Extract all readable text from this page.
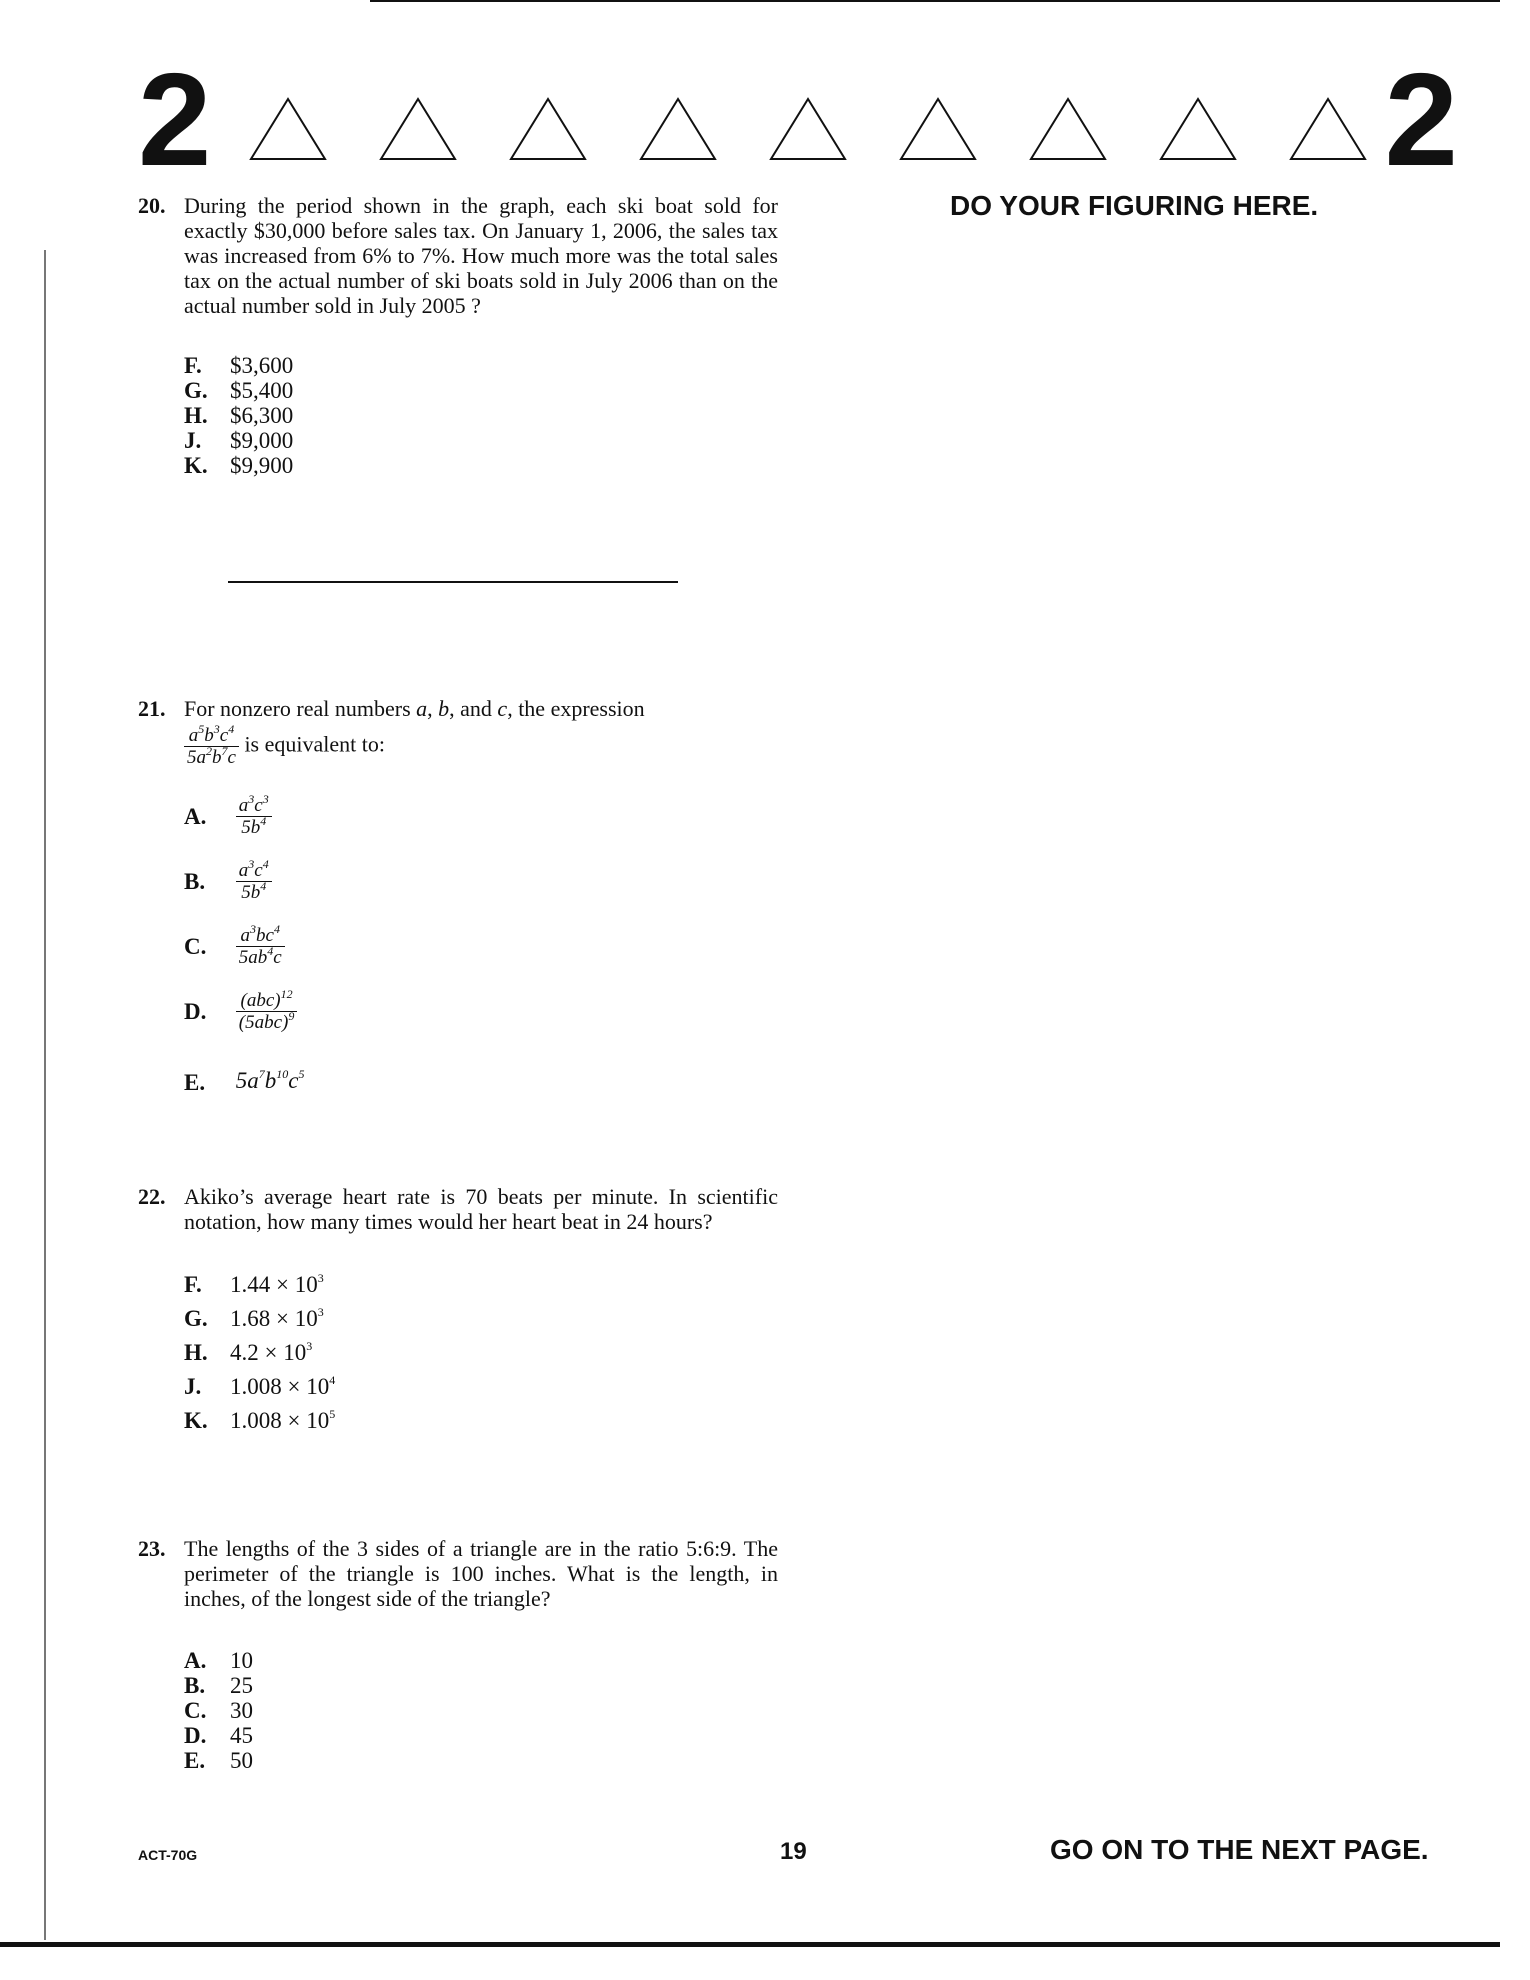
2	2
DO YOUR FIGURING HERE.
20. During the period shown in the graph, each ski boat sold for exactly $30,000 before sales tax. On January 1, 2006, the sales tax was increased from 6% to 7%. How much more was the total sales tax on the actual number of ski boats sold in July 2006 than on the actual number sold in July 2005 ?
F. $3,600
G. $5,400
H. $6,300
J. $9,000
K. $9,900
21. For nonzero real numbers a, b, and c, the expression
$\frac{a^5b^3c^4}{5a^2b^7c}$ is equivalent to:
A. $\frac{a^3c^3}{5b^4}$
B. $\frac{a^3c^4}{5b^4}$
C. $\frac{a^3bc^4}{5ab^4c}$
D. $\frac{(abc)^{12}}{(5abc)^9}$
E. $5a^7b^{10}c^5$
22. Akiko’s average heart rate is 70 beats per minute. In scientific notation, how many times would her heart beat in 24 hours?
F. $1.44 \times 10^3$
G. $1.68 \times 10^3$
H. $4.2 \times 10^3$
J. $1.008 \times 10^4$
K. $1.008 \times 10^5$
23. The lengths of the 3 sides of a triangle are in the ratio 5:6:9. The perimeter of the triangle is 100 inches. What is the length, in inches, of the longest side of the triangle?
A. 10
B. 25
C. 30
D. 45
E. 50
ACT-70G	19	GO ON TO THE NEXT PAGE.
